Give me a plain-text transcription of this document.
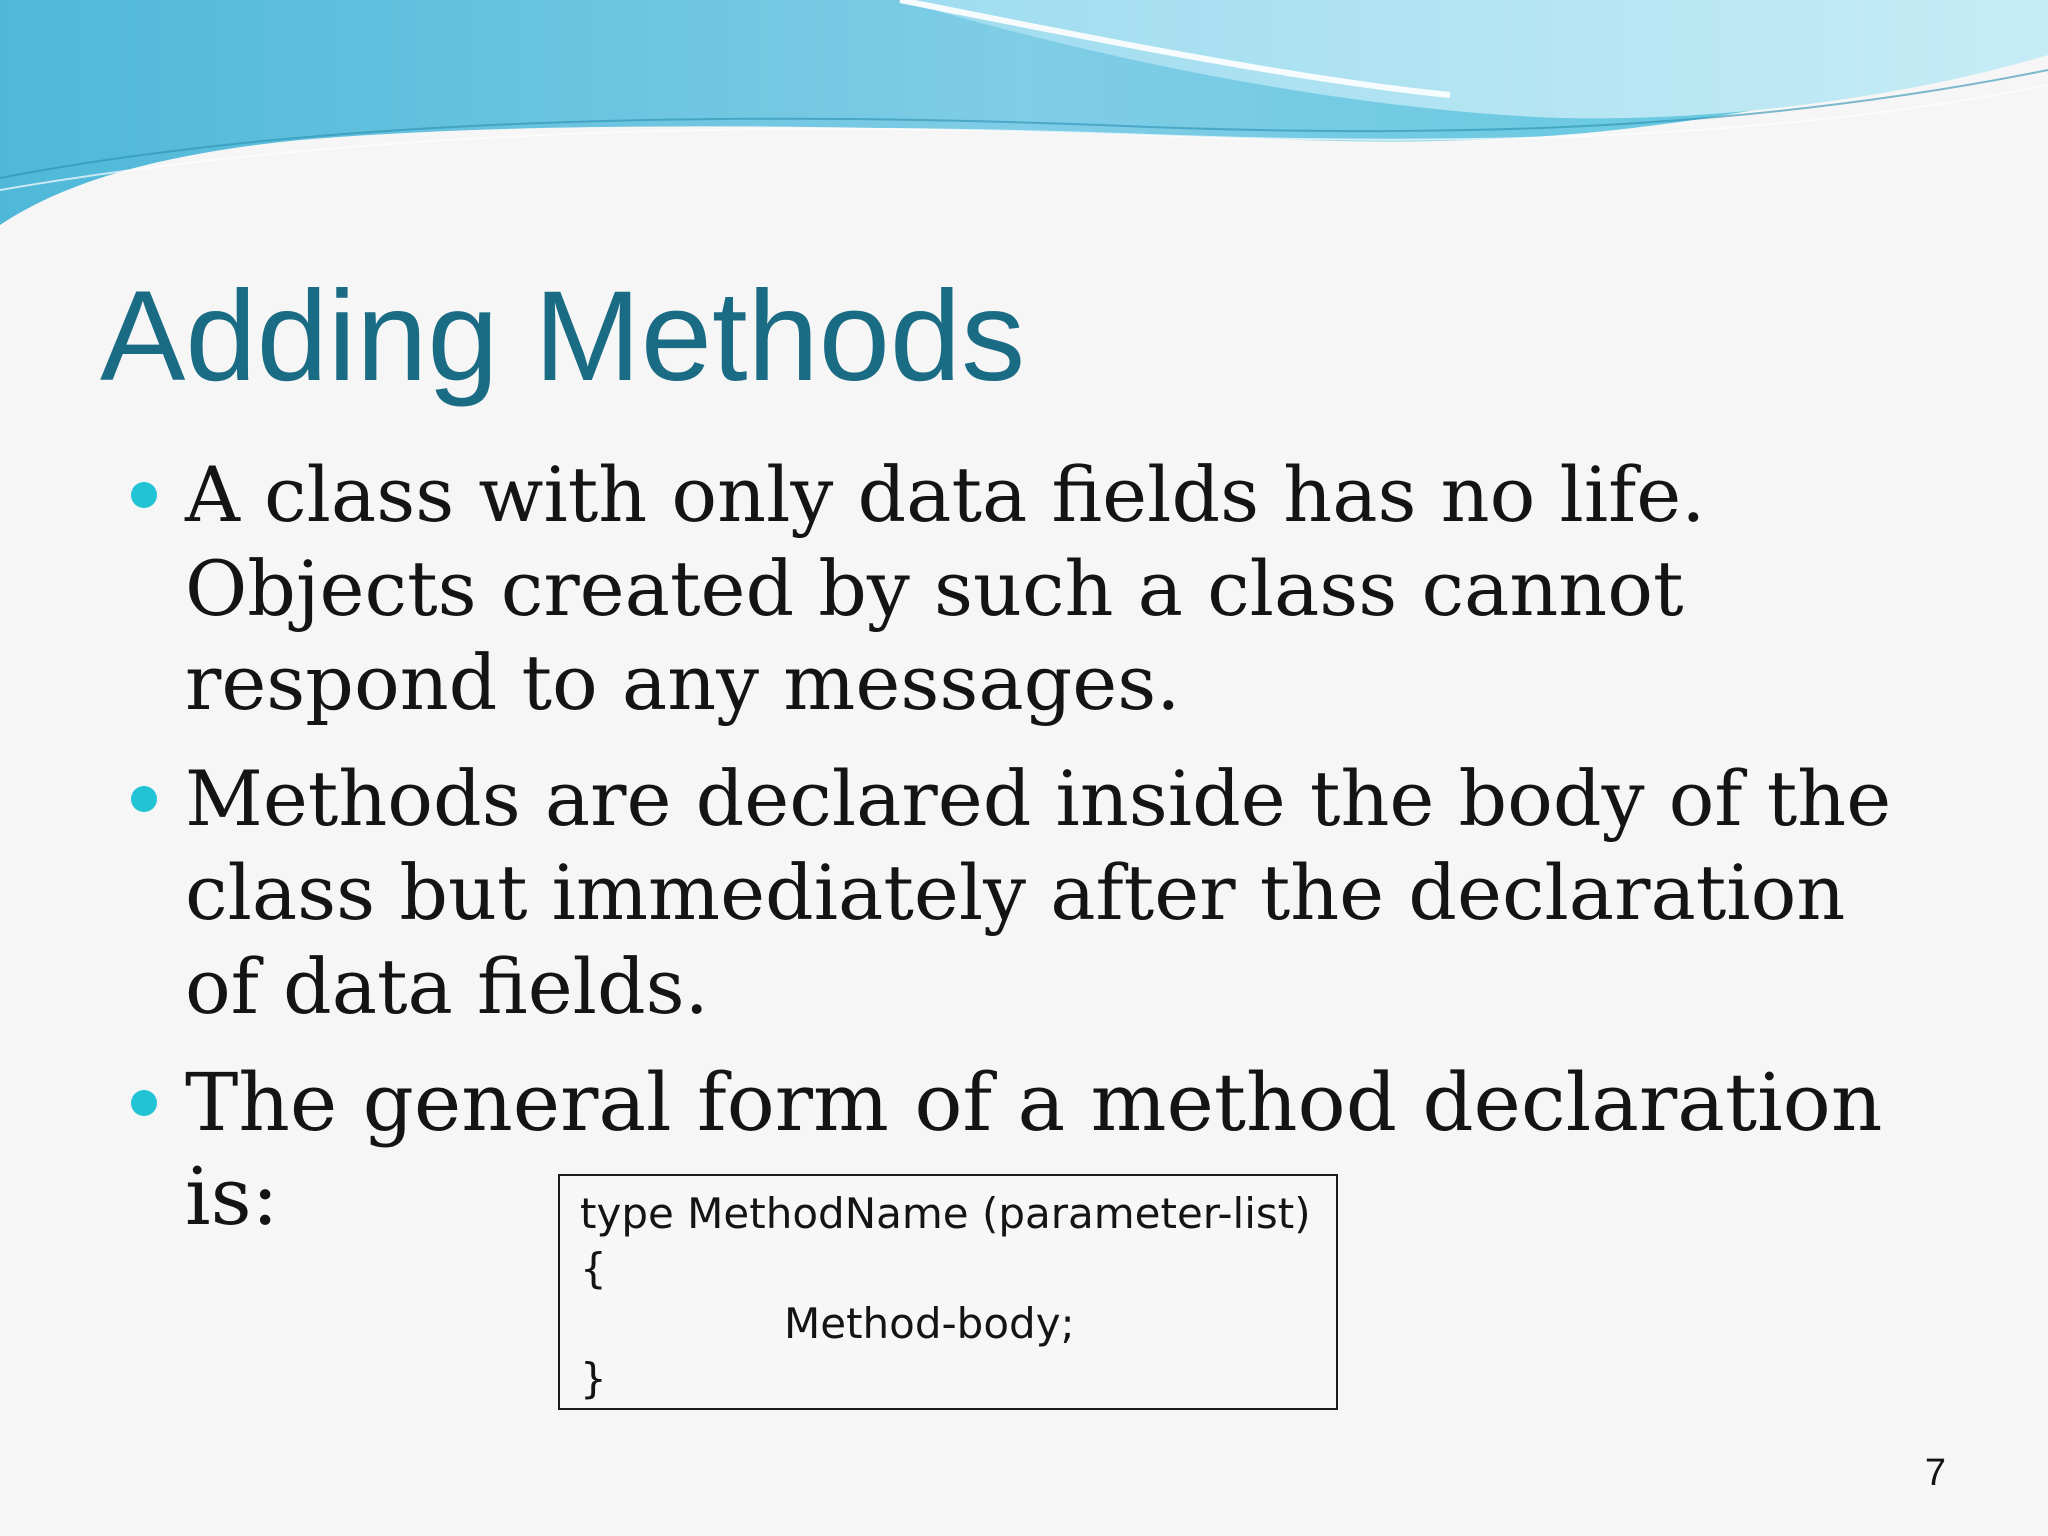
Adding Methods
A class with only data fields has no life. Objects created by such a class cannot respond to any messages.
Methods are declared inside the body of the class but immediately after the declaration of data fields.
The general form of a method declaration is:	type MethodName (parameter-list)
{
Method-body;
}
7
